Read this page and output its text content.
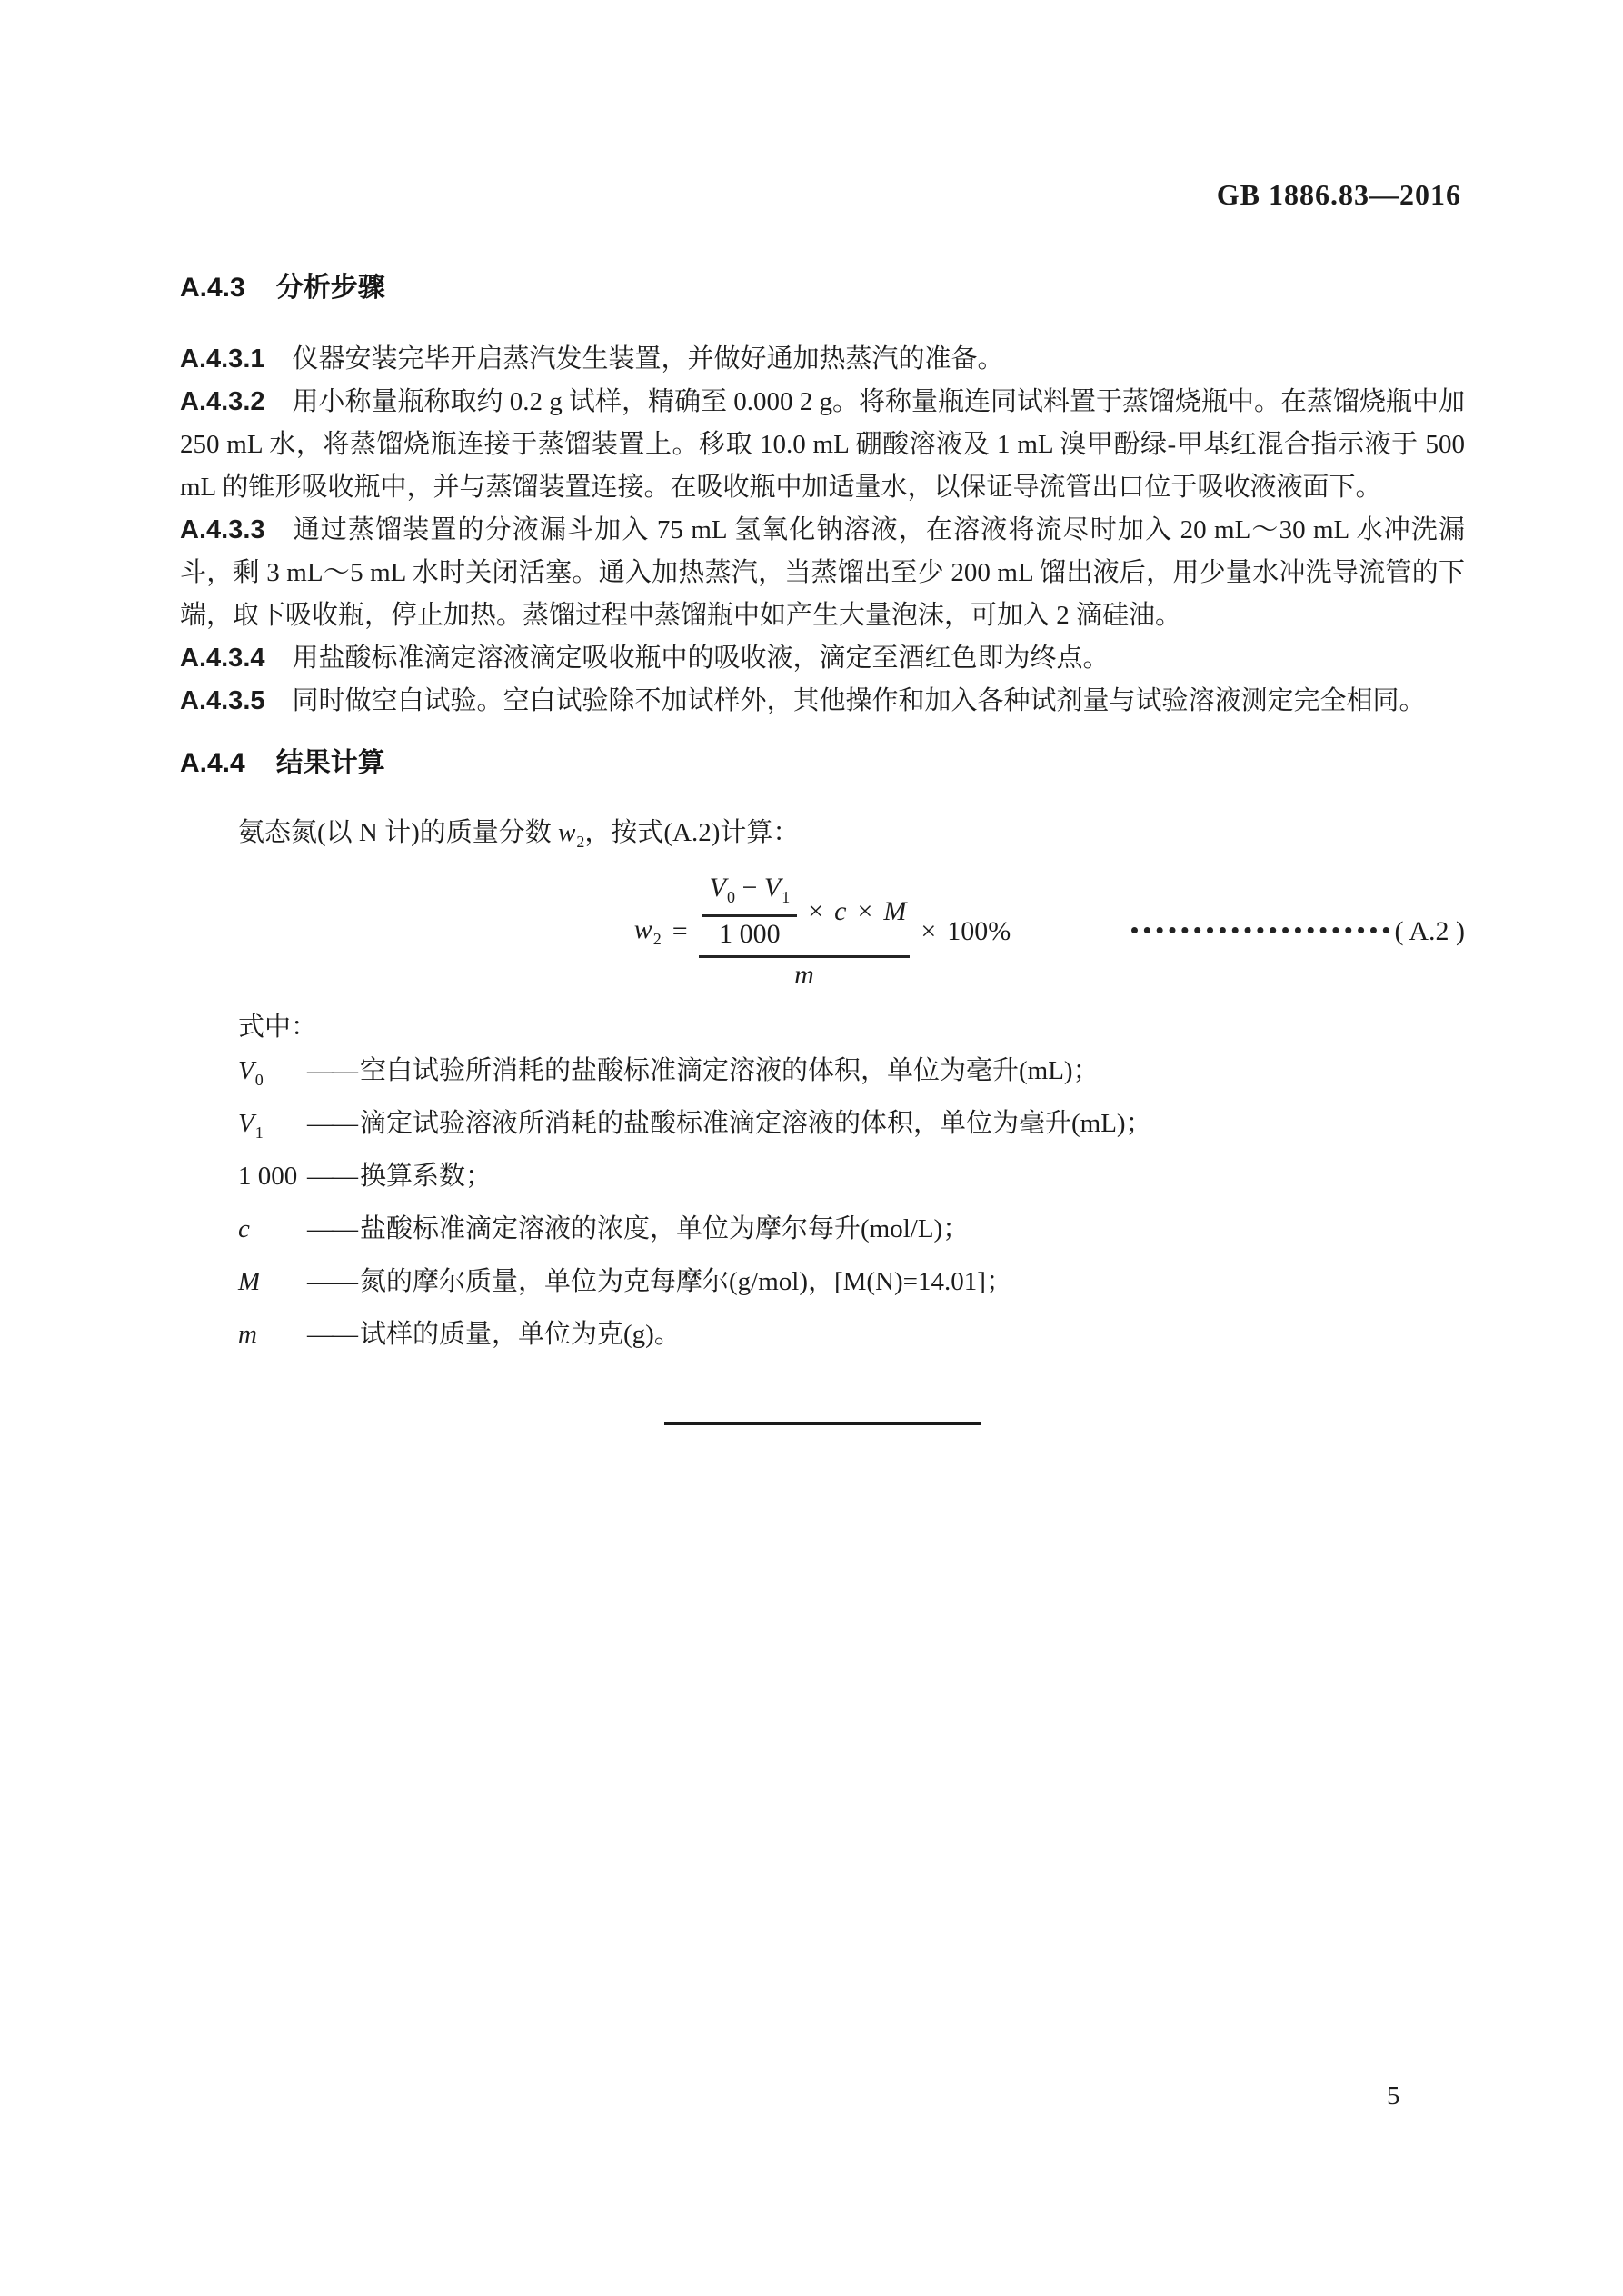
GB 1886.83—2016
A.4.3 分析步骤

A.4.3.1 仪器安装完毕开启蒸汽发生装置，并做好通加热蒸汽的准备。

A.4.3.2 用小称量瓶称取约 0.2 g 试样，精确至 0.000 2 g。将称量瓶连同试料置于蒸馏烧瓶中。在蒸馏烧瓶中加 250 mL 水，将蒸馏烧瓶连接于蒸馏装置上。移取 10.0 mL 硼酸溶液及 1 mL 溴甲酚绿-甲基红混合指示液于 500 mL 的锥形吸收瓶中，并与蒸馏装置连接。在吸收瓶中加适量水，以保证导流管出口位于吸收液液面下。

A.4.3.3 通过蒸馏装置的分液漏斗加入 75 mL 氢氧化钠溶液，在溶液将流尽时加入 20 mL～30 mL 水冲洗漏斗，剩 3 mL～5 mL 水时关闭活塞。通入加热蒸汽，当蒸馏出至少 200 mL 馏出液后，用少量水冲洗导流管的下端，取下吸收瓶，停止加热。蒸馏过程中蒸馏瓶中如产生大量泡沫，可加入 2 滴硅油。

A.4.3.4 用盐酸标准滴定溶液滴定吸收瓶中的吸收液，滴定至酒红色即为终点。

A.4.3.5 同时做空白试验。空白试验除不加试样外，其他操作和加入各种试剂量与试验溶液测定完全相同。

A.4.4 结果计算

氨态氮(以 N 计)的质量分数 $w_2$，按式(A.2)计算：

$w_2 = \frac{V_0 - V_1}{1 000} \times c \times M$
m
× 100%	( A.2 )

式中：

$V_0$	—— 空白试验所消耗的盐酸标准滴定溶液的体积，单位为毫升(mL)；
$V_1$	—— 滴定试验溶液所消耗的盐酸标准滴定溶液的体积，单位为毫升(mL)；
1 000 —— 换算系数；
c	—— 盐酸标准滴定溶液的浓度，单位为摩尔每升(mol/L)；
M	—— 氮的摩尔质量，单位为克每摩尔(g/mol)，[M(N)=14.01]；
m	—— 试样的质量，单位为克(g)。
5
